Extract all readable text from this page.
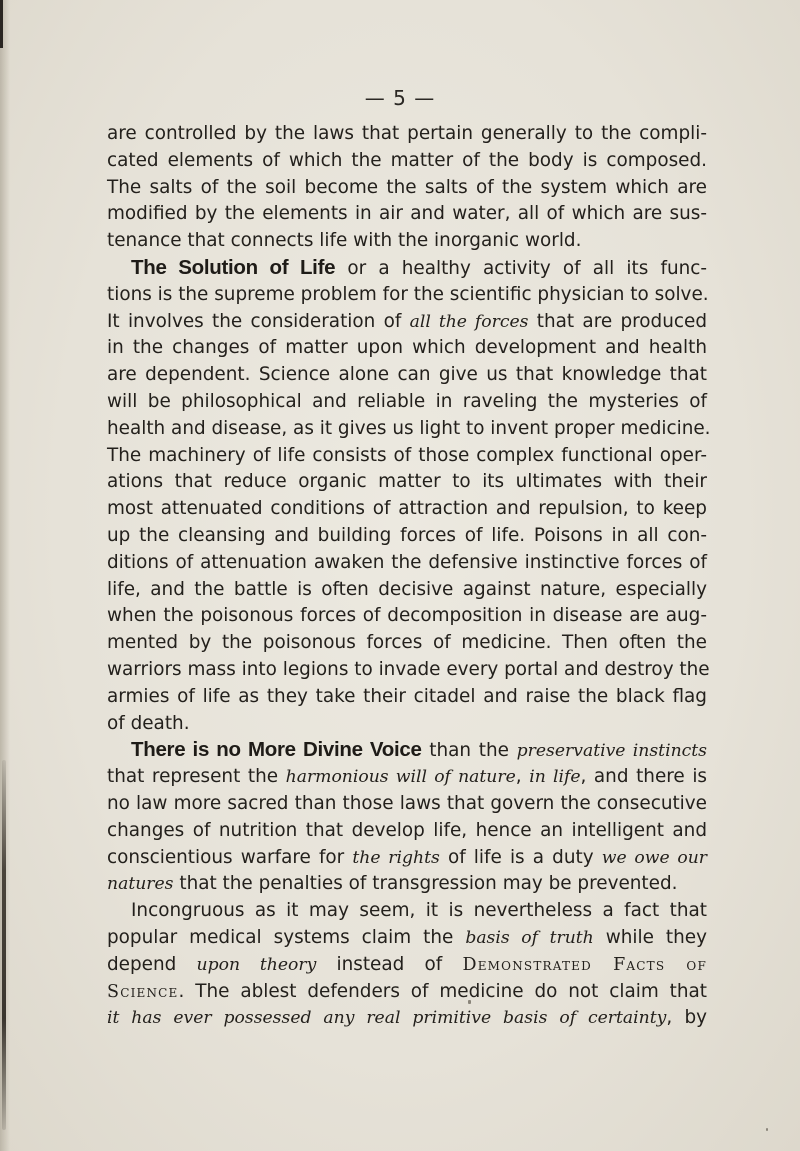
— 5 —
are controlled by the laws that pertain generally to the compli-
cated elements of which the matter of the body is composed.
The salts of the soil become the salts of the system which are
modified by the elements in air and water, all of which are sus-
tenance that connects life with the inorganic world.
The Solution of Life or a healthy activity of all its func-
tions is the supreme problem for the scientific physician to solve.
It involves the consideration of all the forces that are produced
in the changes of matter upon which development and health
are dependent. Science alone can give us that knowledge that
will be philosophical and reliable in raveling the mysteries of
health and disease, as it gives us light to invent proper medicine.
The machinery of life consists of those complex functional oper-
ations that reduce organic matter to its ultimates with their
most attenuated conditions of attraction and repulsion, to keep
up the cleansing and building forces of life. Poisons in all con-
ditions of attenuation awaken the defensive instinctive forces of
life, and the battle is often decisive against nature, especially
when the poisonous forces of decomposition in disease are aug-
mented by the poisonous forces of medicine. Then often the
warriors mass into legions to invade every portal and destroy the
armies of life as they take their citadel and raise the black flag
of death.
There is no More Divine Voice than the preservative instincts
that represent the harmonious will of nature, in life, and there is
no law more sacred than those laws that govern the consecutive
changes of nutrition that develop life, hence an intelligent and
conscientious warfare for the rights of life is a duty we owe our
natures that the penalties of transgression may be prevented.
Incongruous as it may seem, it is nevertheless a fact that
popular medical systems claim the basis of truth while they
depend upon theory instead of Demonstrated Facts of
Science. The ablest defenders of medicine do not claim that
it has ever possessed any real primitive basis of certainty, by
